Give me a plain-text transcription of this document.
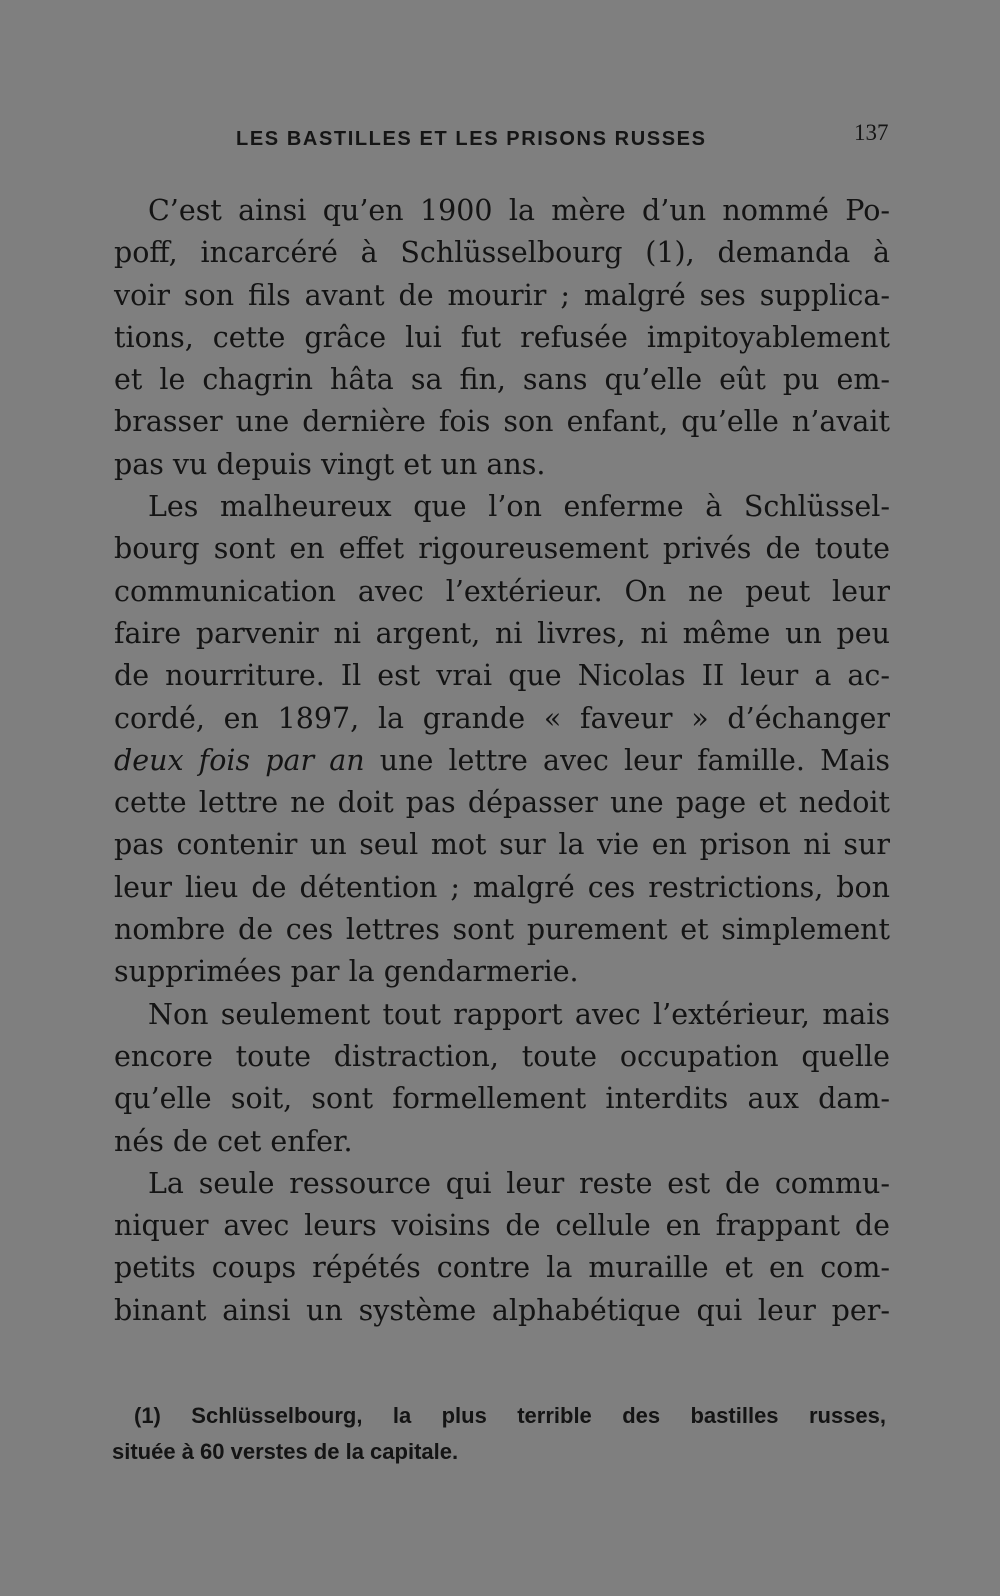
LES BASTILLES ET LES PRISONS RUSSES	137
C’est ainsi qu’en 1900 la mère d’un nommé Po-
poff, incarcéré à Schlüsselbourg (1), demanda à
voir son fils avant de mourir ; malgré ses supplica-
tions, cette grâce lui fut refusée impitoyablement
et le chagrin hâta sa fin, sans qu’elle eût pu em-
brasser une dernière fois son enfant, qu’elle n’avait
pas vu depuis vingt et un ans.
Les malheureux que l’on enferme à Schlüssel-
bourg sont en effet rigoureusement privés de toute
communication avec l’extérieur. On ne peut leur
faire parvenir ni argent, ni livres, ni même un peu
de nourriture. Il est vrai que Nicolas II leur a ac-
cordé, en 1897, la grande « faveur » d’échanger
deux fois par an une lettre avec leur famille. Mais
cette lettre ne doit pas dépasser une page et nedoit
pas contenir un seul mot sur la vie en prison ni sur
leur lieu de détention ; malgré ces restrictions, bon
nombre de ces lettres sont purement et simplement
supprimées par la gendarmerie.
Non seulement tout rapport avec l’extérieur, mais
encore toute distraction, toute occupation quelle
qu’elle soit, sont formellement interdits aux dam-
nés de cet enfer.
La seule ressource qui leur reste est de commu-
niquer avec leurs voisins de cellule en frappant de
petits coups répétés contre la muraille et en com-
binant ainsi un système alphabétique qui leur per-
(1) Schlüsselbourg, la plus terrible des bastilles russes,
située à 60 verstes de la capitale.
